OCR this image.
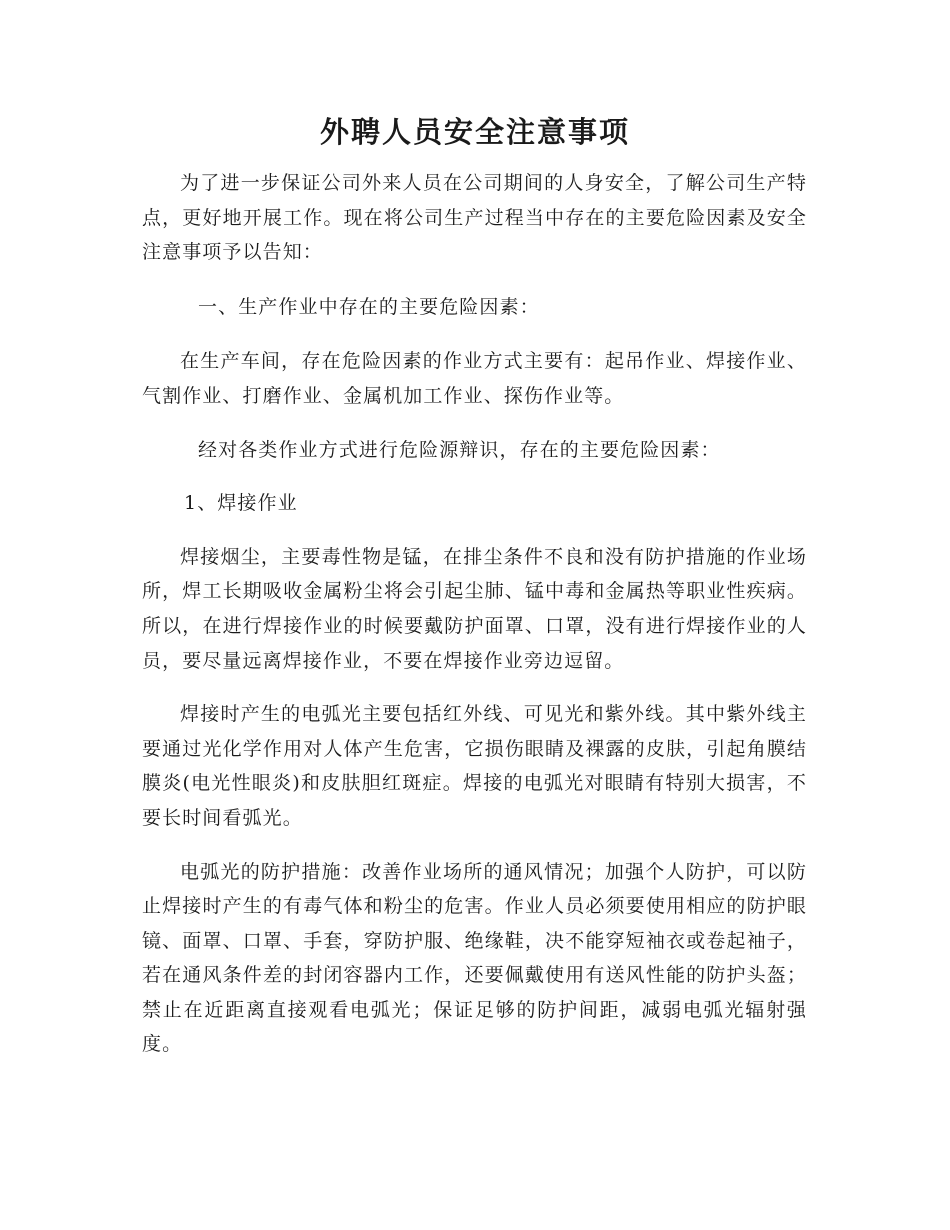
外聘人员安全注意事项

为了进一步保证公司外来人员在公司期间的人身安全，了解公司生产特点，更好地开展工作。现在将公司生产过程当中存在的主要危险因素及安全注意事项予以告知：

一、生产作业中存在的主要危险因素：

在生产车间，存在危险因素的作业方式主要有：起吊作业、焊接作业、气割作业、打磨作业、金属机加工作业、探伤作业等。

经对各类作业方式进行危险源辩识，存在的主要危险因素：

1、焊接作业

焊接烟尘，主要毒性物是锰，在排尘条件不良和没有防护措施的作业场所，焊工长期吸收金属粉尘将会引起尘肺、锰中毒和金属热等职业性疾病。所以，在进行焊接作业的时候要戴防护面罩、口罩，没有进行焊接作业的人员，要尽量远离焊接作业，不要在焊接作业旁边逗留。

焊接时产生的电弧光主要包括红外线、可见光和紫外线。其中紫外线主要通过光化学作用对人体产生危害，它损伤眼睛及裸露的皮肤，引起角膜结膜炎(电光性眼炎)和皮肤胆红斑症。焊接的电弧光对眼睛有特别大损害，不要长时间看弧光。

电弧光的防护措施：改善作业场所的通风情况；加强个人防护，可以防止焊接时产生的有毒气体和粉尘的危害。作业人员必须要使用相应的防护眼镜、面罩、口罩、手套，穿防护服、绝缘鞋，决不能穿短袖衣或卷起袖子，若在通风条件差的封闭容器内工作，还要佩戴使用有送风性能的防护头盔；禁止在近距离直接观看电弧光；保证足够的防护间距，减弱电弧光辐射强度。
